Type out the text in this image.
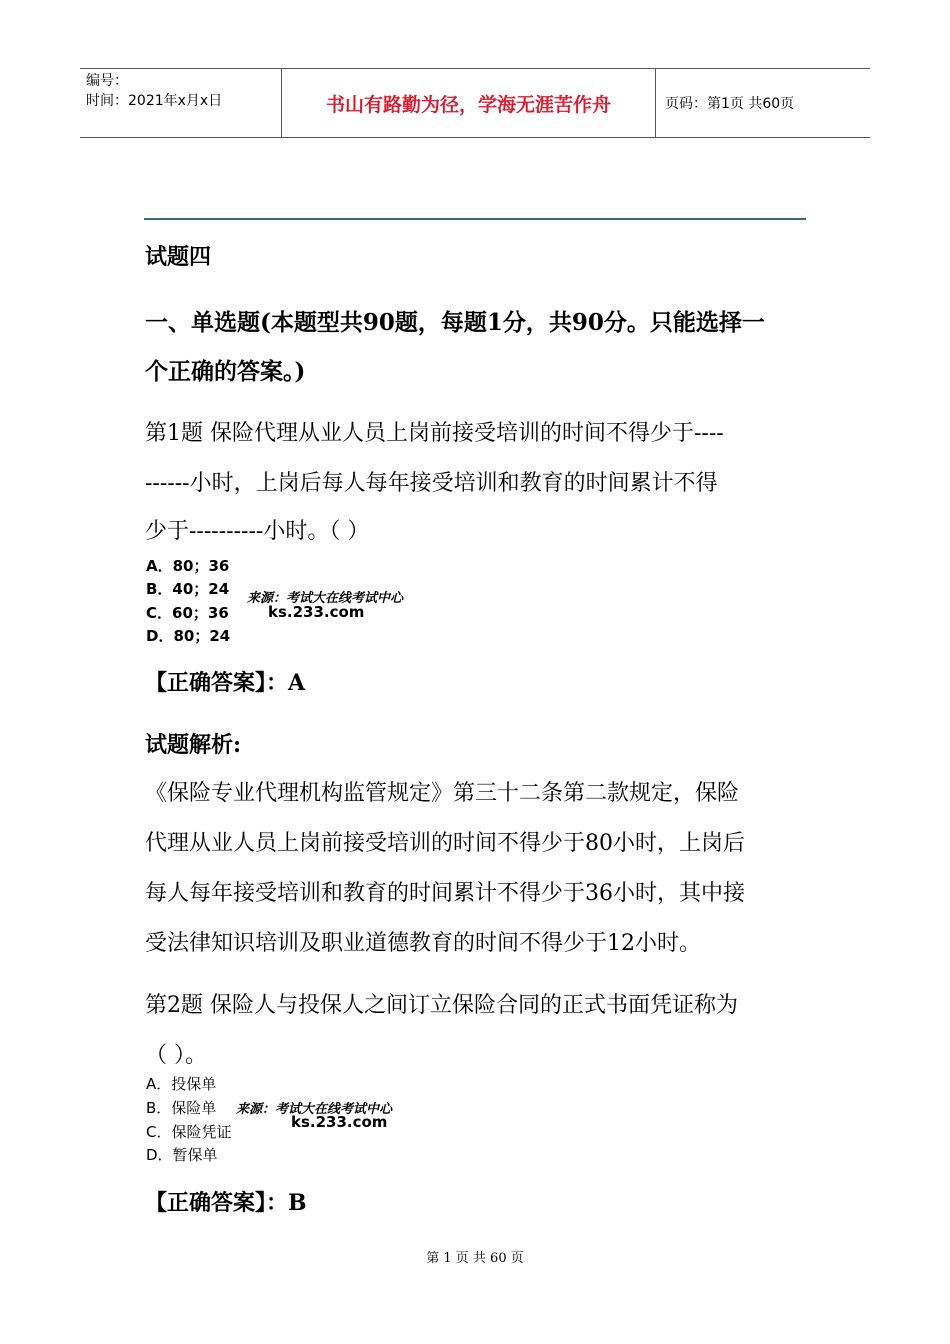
编号：
时间：2021年x月x日	书山有路勤为径，学海无涯苦作舟	页码：第1页 共60页
试题四
一、单选题(本题型共90题，每题1分，共90分。只能选择一
个正确的答案。)
第1题 保险代理从业人员上岗前接受培训的时间不得少于----
------小时，上岗后每人每年接受培训和教育的时间累计不得
少于----------小时。（ ）
A．80；36
B．40；24
C．60；36
D．80；24
来源：考试大在线考试中心
ks.233.com
【正确答案】：A
试题解析:
《保险专业代理机构监管规定》第三十二条第二款规定，保险
代理从业人员上岗前接受培训的时间不得少于80小时，上岗后
每人每年接受培训和教育的时间累计不得少于36小时，其中接
受法律知识培训及职业道德教育的时间不得少于12小时。
第2题 保险人与投保人之间订立保险合同的正式书面凭证称为
（ ）。
A．投保单
B．保险单
C．保险凭证
D．暂保单
来源：考试大在线考试中心
ks.233.com
【正确答案】：B
第 1 页 共 60 页
